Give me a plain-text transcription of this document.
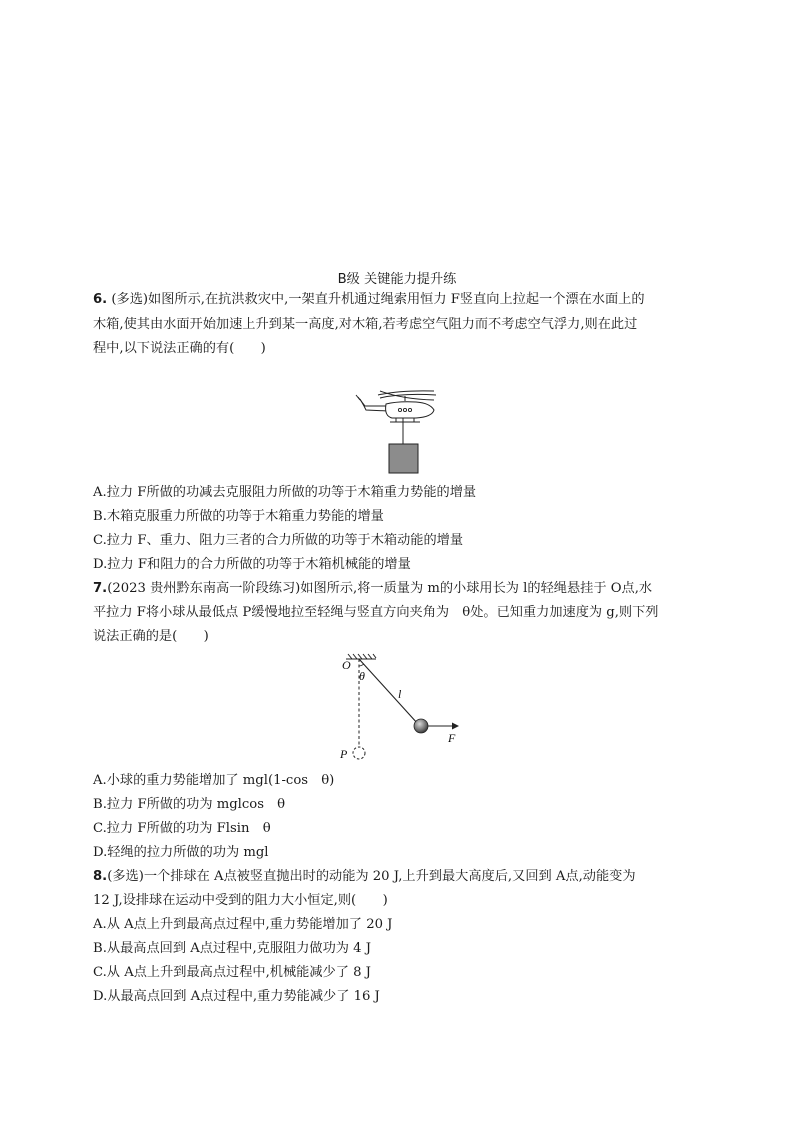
B级 关键能力提升练
6. (多选)如图所示,在抗洪救灾中,一架直升机通过绳索用恒力 F竖直向上拉起一个漂在水面上的
木箱,使其由水面开始加速上升到某一高度,对木箱,若考虑空气阻力而不考虑空气浮力,则在此过
程中,以下说法正确的有(　　)
A.拉力 F所做的功减去克服阻力所做的功等于木箱重力势能的增量
B.木箱克服重力所做的功等于木箱重力势能的增量
C.拉力 F、重力、阻力三者的合力所做的功等于木箱动能的增量
D.拉力 F和阻力的合力所做的功等于木箱机械能的增量
7.(2023 贵州黔东南高一阶段练习)如图所示,将一质量为 m的小球用长为 l的轻绳悬挂于 O点,水
平拉力 F将小球从最低点 P缓慢地拉至轻绳与竖直方向夹角为　θ处。已知重力加速度为 g,则下列
说法正确的是(　　)
O
θ
l
P
F
A.小球的重力势能增加了 mgl(1-cos　θ)
B.拉力 F所做的功为 mglcos　θ
C.拉力 F所做的功为 Flsin　θ
D.轻绳的拉力所做的功为 mgl
8.(多选)一个排球在 A点被竖直抛出时的动能为 20 J,上升到最大高度后,又回到 A点,动能变为
12 J,设排球在运动中受到的阻力大小恒定,则(　　)
A.从 A点上升到最高点过程中,重力势能增加了 20 J
B.从最高点回到 A点过程中,克服阻力做功为 4 J
C.从 A点上升到最高点过程中,机械能减少了 8 J
D.从最高点回到 A点过程中,重力势能减少了 16 J
